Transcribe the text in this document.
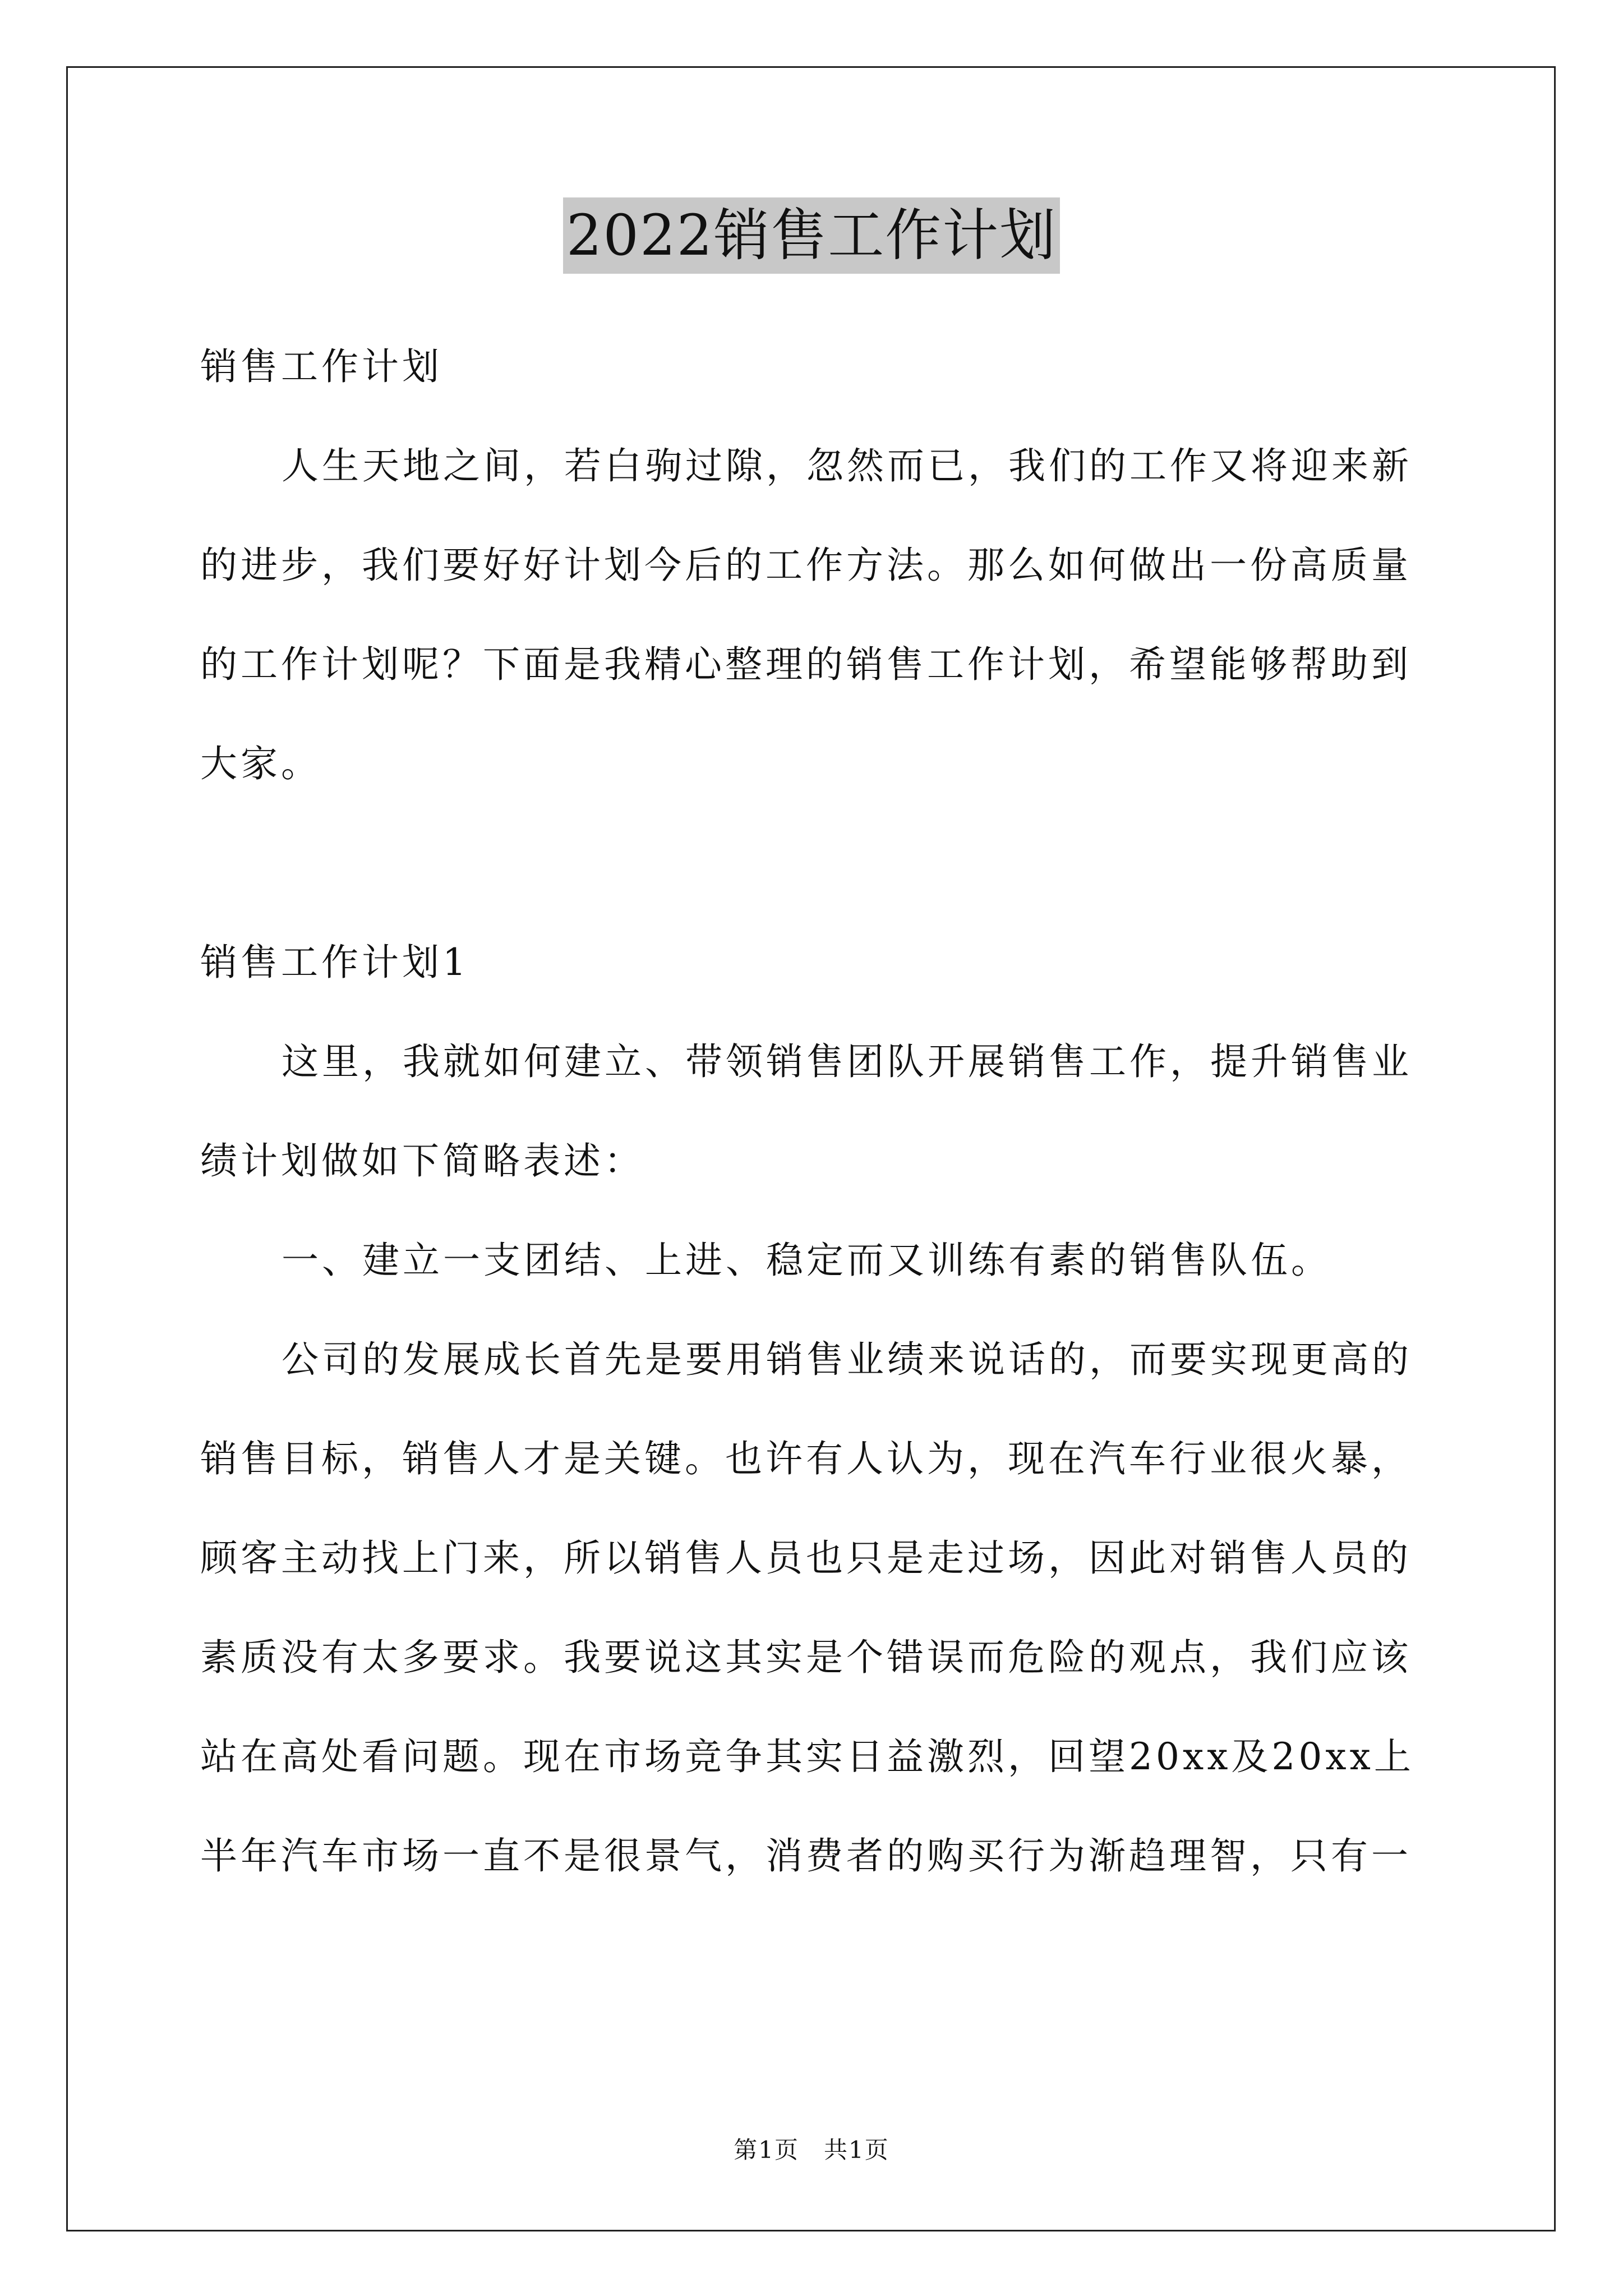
2022销售工作计划

销售工作计划

人生天地之间，若白驹过隙，忽然而已，我们的工作又将迎来新的进步，我们要好好计划今后的工作方法。那么如何做出一份高质量的工作计划呢？下面是我精心整理的销售工作计划，希望能够帮助到大家。

销售工作计划1

这里，我就如何建立、带领销售团队开展销售工作，提升销售业绩计划做如下简略表述：

一、建立一支团结、上进、稳定而又训练有素的销售队伍。

公司的发展成长首先是要用销售业绩来说话的，而要实现更高的销售目标，销售人才是关键。也许有人认为，现在汽车行业很火暴，顾客主动找上门来，所以销售人员也只是走过场，因此对销售人员的素质没有太多要求。我要说这其实是个错误而危险的观点，我们应该站在高处看问题。现在市场竞争其实日益激烈，回望20xx及20xx上半年汽车市场一直不是很景气，消费者的购买行为渐趋理智，只有一

第1页　共1页
